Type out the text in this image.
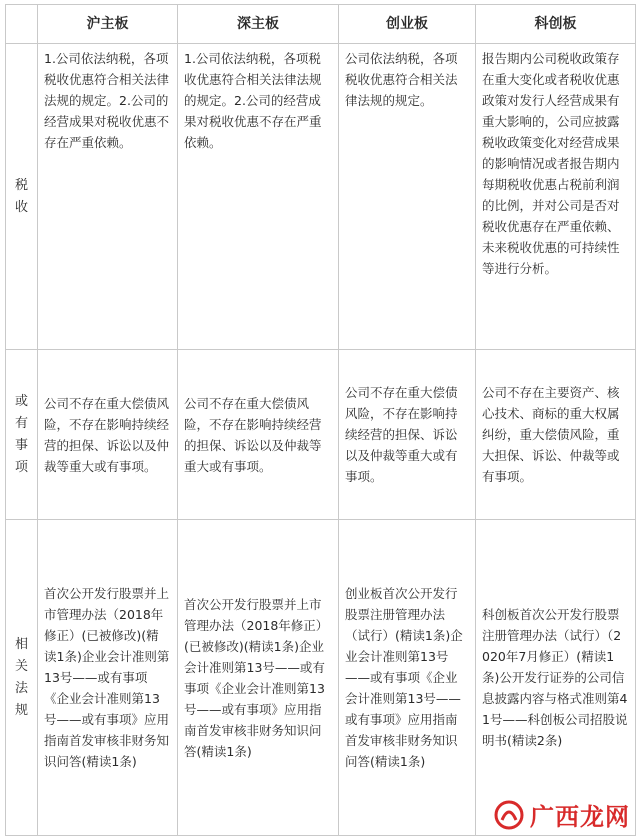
	沪主板	深主板	创业板	科创板

税
收	1.公司依法纳税，各项税收优惠符合相关法律法规的规定。2.公司的经营成果对税收优惠不存在严重依赖。	1.公司依法纳税，各项税收优惠符合相关法律法规的规定。2.公司的经营成果对税收优惠不存在严重依赖。	公司依法纳税，各项税收优惠符合相关法律法规的规定。	报告期内公司税收政策存在重大变化或者税收优惠政策对发行人经营成果有重大影响的，公司应披露税收政策变化对经营成果的影响情况或者报告期内每期税收优惠占税前利润的比例，并对公司是否对税收优惠存在严重依赖、未来税收优惠的可持续性等进行分析。

或
有
事
项	公司不存在重大偿债风险，不存在影响持续经营的担保、诉讼以及仲裁等重大或有事项。	公司不存在重大偿债风险，不存在影响持续经营的担保、诉讼以及仲裁等重大或有事项。	公司不存在重大偿债风险，不存在影响持续经营的担保、诉讼以及仲裁等重大或有事项。	公司不存在主要资产、核心技术、商标的重大权属纠纷，重大偿债风险，重大担保、诉讼、仲裁等或有事项。

相
关
法
规	首次公开发行股票并上市管理办法（2018年修正）(已被修改)(精读1条)企业会计准则第13号——或有事项《企业会计准则第13号——或有事项》应用指南首发审核非财务知识问答(精读1条)	首次公开发行股票并上市管理办法（2018年修正）(已被修改)(精读1条)企业会计准则第13号——或有事项《企业会计准则第13号——或有事项》应用指南首发审核非财务知识问答(精读1条)	创业板首次公开发行股票注册管理办法（试行）(精读1条)企业会计准则第13号——或有事项《企业会计准则第13号——或有事项》应用指南首发审核非财务知识问答(精读1条)	科创板首次公开发行股票注册管理办法（试行）（2020年7月修正）(精读1条)公开发行证券的公司信息披露内容与格式准则第41号——科创板公司招股说明书(精读2条)
广西龙网
